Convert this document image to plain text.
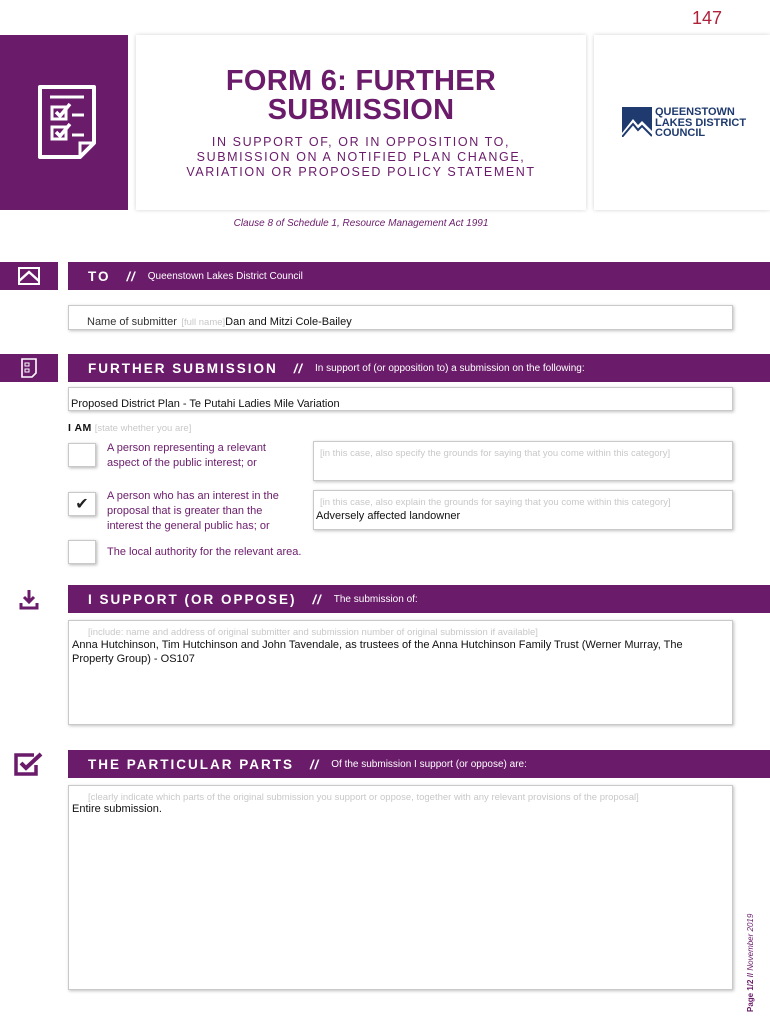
147
FORM 6: FURTHER
SUBMISSION
IN SUPPORT OF, OR IN OPPOSITION TO,
SUBMISSION ON A NOTIFIED PLAN CHANGE,
VARIATION OR PROPOSED POLICY STATEMENT
QUEENSTOWN
LAKES DISTRICT
COUNCIL
Clause 8 of Schedule 1, Resource Management Act 1991
TO // Queenstown Lakes District Council
Name of submitter [full name]Dan and Mitzi Cole-Bailey
FURTHER SUBMISSION // In support of (or opposition to) a submission on the following:
Proposed District Plan - Te Putahi Ladies Mile Variation
I AM [state whether you are]
A person representing a relevant
aspect of the public interest; or
[in this case, also specify the grounds for saying that you come within this category]
✔	A person who has an interest in the
proposal that is greater than the
interest the general public has; or
[in this case, also explain the grounds for saying that you come within this category]
Adversely affected landowner
The local authority for the relevant area.
I SUPPORT (OR OPPOSE) // The submission of:
[include: name and address of original submitter and submission number of original submission if available]
Anna Hutchinson, Tim Hutchinson and John Tavendale, as trustees of the Anna Hutchinson Family Trust (Werner Murray, The Property Group) - OS107
THE PARTICULAR PARTS // Of the submission I support (or oppose) are:
[clearly indicate which parts of the original submission you support or oppose, together with any relevant provisions of the proposal]
Entire submission.
Page 1/2 // November 2019
